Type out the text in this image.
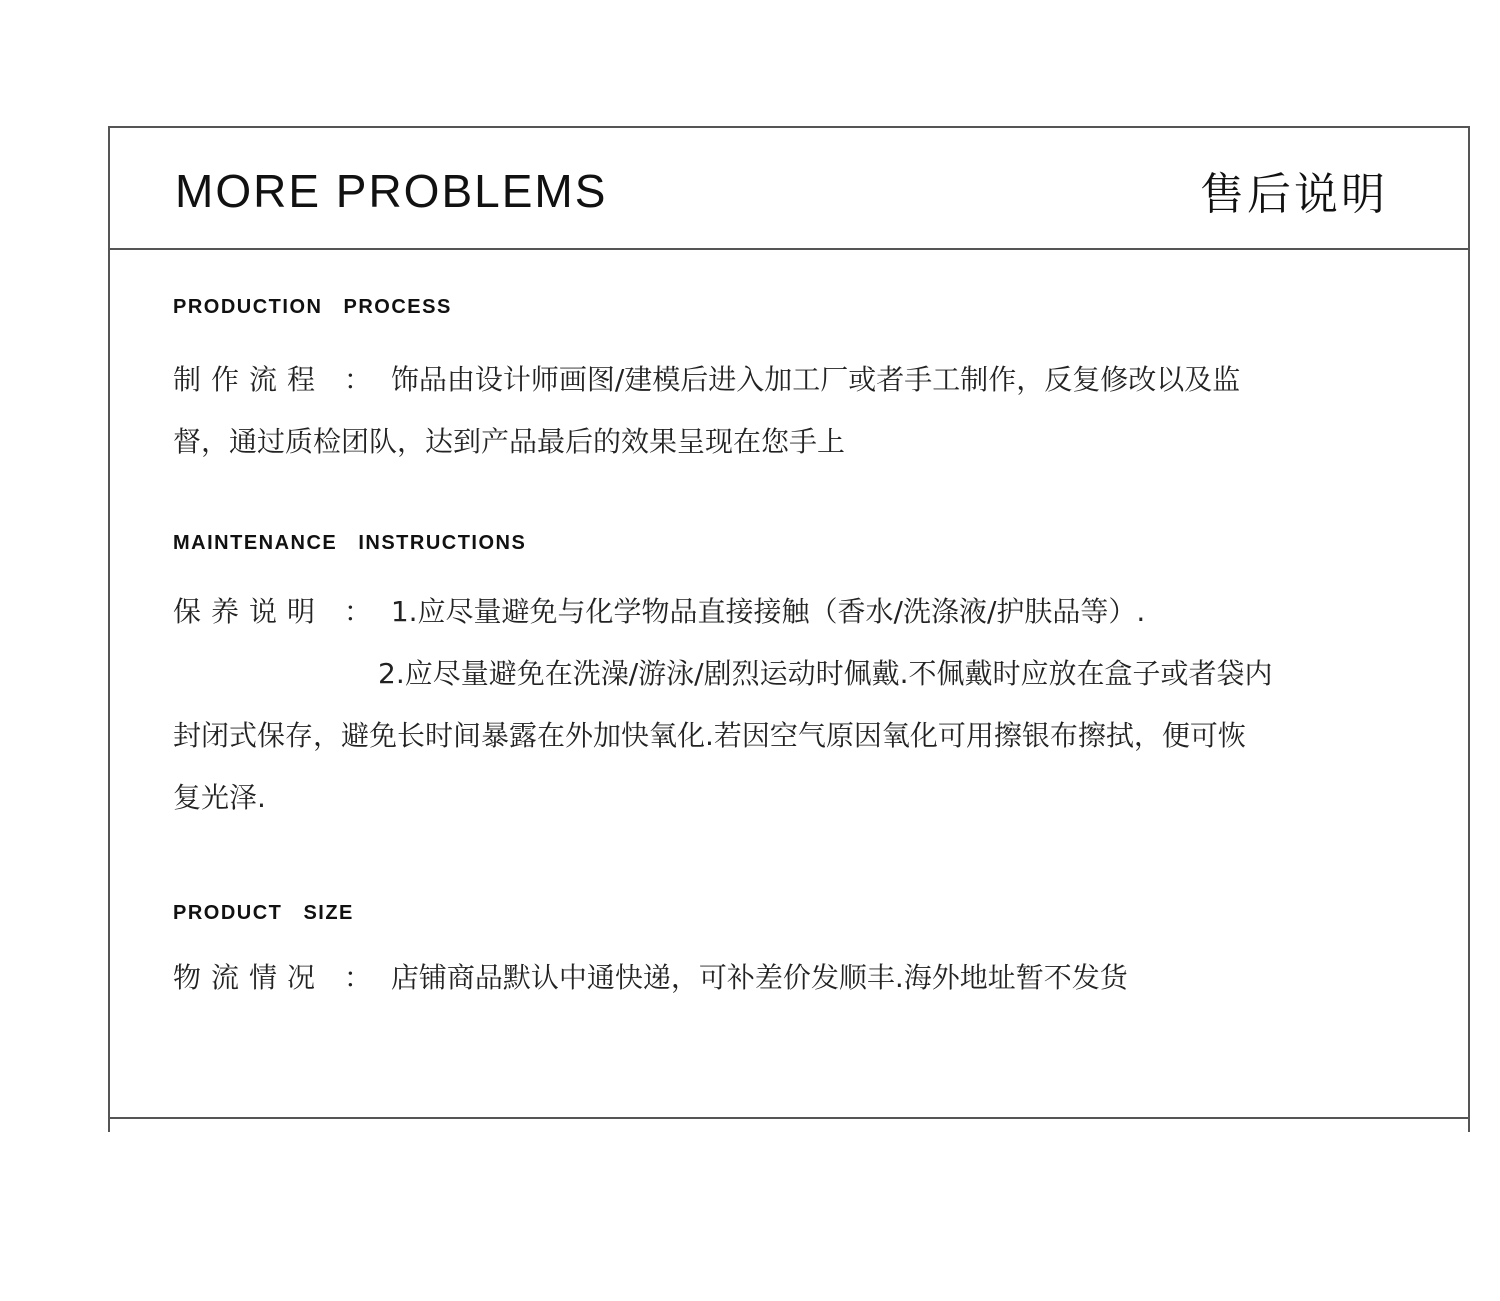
MORE PROBLEMS	售后说明
PRODUCTION PROCESS
制作流程 ： 饰品由设计师画图/建模后进入加工厂或者手工制作，反复修改以及监
督，通过质检团队，达到产品最后的效果呈现在您手上
MAINTENANCE INSTRUCTIONS
保养说明 ： 1.应尽量避免与化学物品直接接触（香水/洗涤液/护肤品等）.
2.应尽量避免在洗澡/游泳/剧烈运动时佩戴.不佩戴时应放在盒子或者袋内
封闭式保存，避免长时间暴露在外加快氧化.若因空气原因氧化可用擦银布擦拭，便可恢
复光泽.
PRODUCT SIZE
物流情况 ： 店铺商品默认中通快递，可补差价发顺丰.海外地址暂不发货
